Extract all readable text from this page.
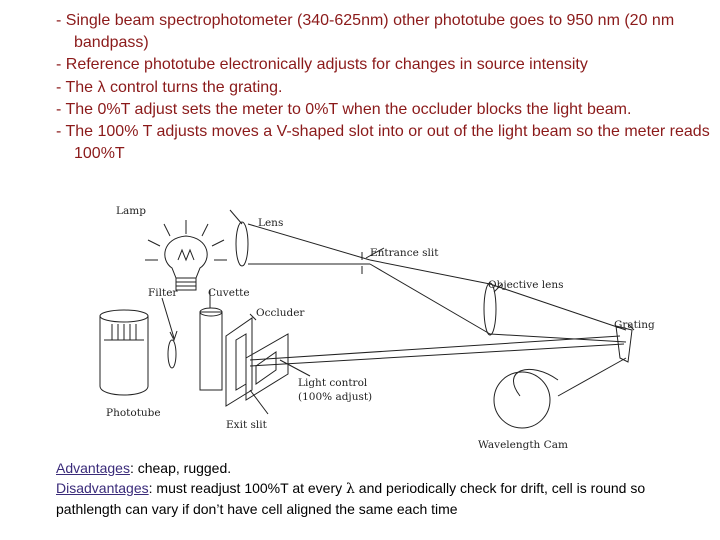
- Single beam spectrophotometer (340-625nm) other phototube goes to 950 nm (20 nm bandpass)
- Reference phototube electronically adjusts for changes in source intensity
- The λ control turns the grating.
- The 0%T adjust sets the meter to 0%T when the occluder blocks the light beam.
- The 100% T adjusts moves a V-shaped slot into or out of the light beam so the meter reads 100%T
Lamp
Lens
Entrance slit
Objective lens
Grating
Filter	Cuvette
Occluder
Light control
(100% adjust)
Phototube
Exit slit
Wavelength Cam

Advantages: cheap, rugged.

Disadvantages: must readjust 100%T at every λ and periodically check for drift, cell is round so pathlength can vary if don’t have cell aligned the same each time
